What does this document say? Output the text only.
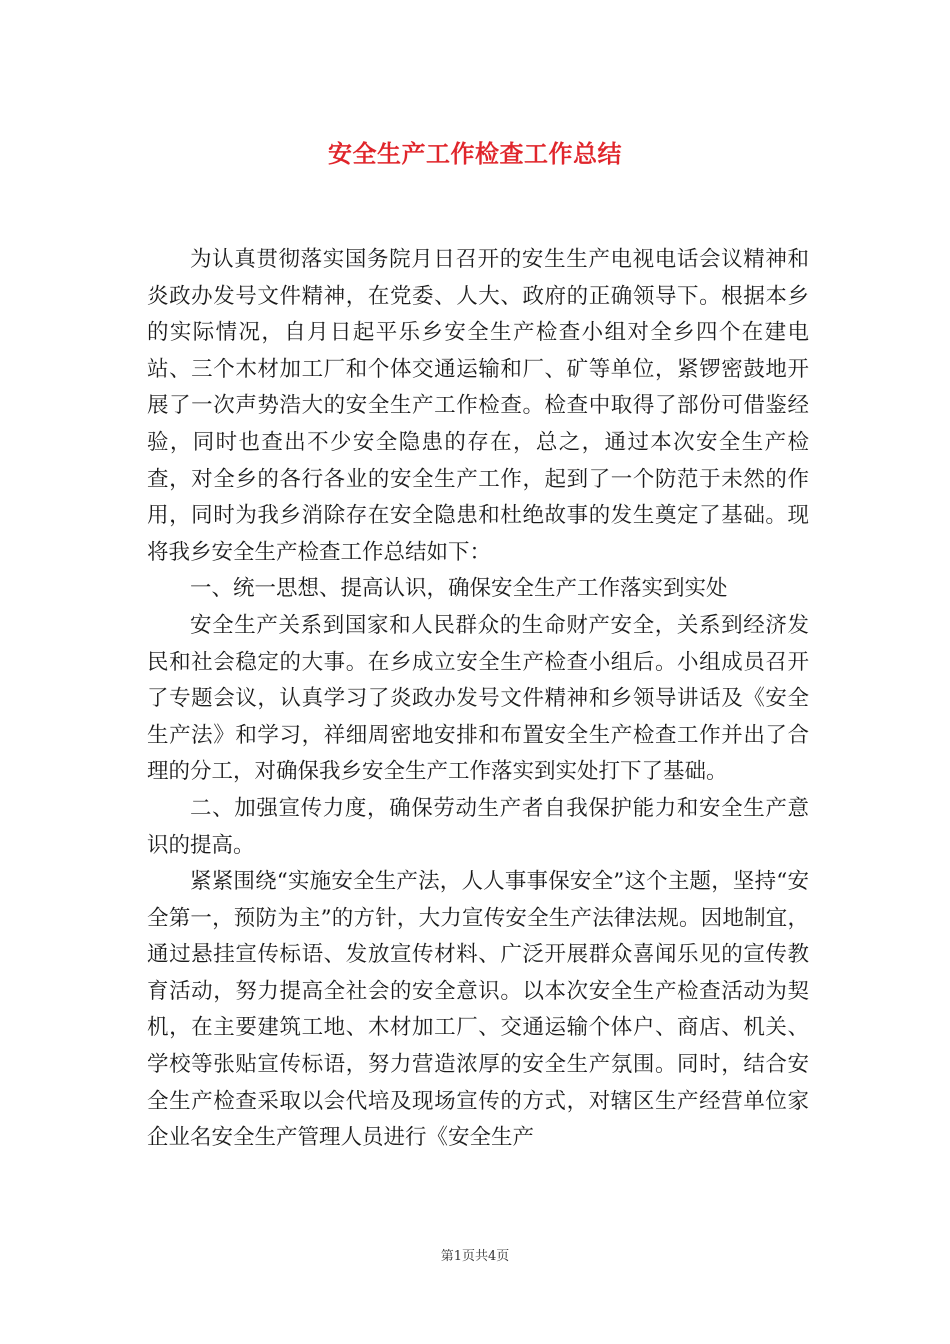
安全生产工作检查工作总结

为认真贯彻落实国务院月日召开的安生生产电视电话会议精神和炎政办发号文件精神，在党委、人大、政府的正确领导下。根据本乡的实际情况，自月日起平乐乡安全生产检查小组对全乡四个在建电站、三个木材加工厂和个体交通运输和厂、矿等单位，紧锣密鼓地开展了一次声势浩大的安全生产工作检查。检查中取得了部份可借鉴经验，同时也查出不少安全隐患的存在，总之，通过本次安全生产检查，对全乡的各行各业的安全生产工作，起到了一个防范于未然的作用，同时为我乡消除存在安全隐患和杜绝故事的发生奠定了基础。现将我乡安全生产检查工作总结如下：

一、统一思想、提高认识，确保安全生产工作落实到实处

安全生产关系到国家和人民群众的生命财产安全，关系到经济发民和社会稳定的大事。在乡成立安全生产检查小组后。小组成员召开了专题会议，认真学习了炎政办发号文件精神和乡领导讲话及《安全生产法》和学习，祥细周密地安排和布置安全生产检查工作并出了合理的分工，对确保我乡安全生产工作落实到实处打下了基础。

二、加强宣传力度，确保劳动生产者自我保护能力和安全生产意识的提高。

紧紧围绕“实施安全生产法，人人事事保安全”这个主题，坚持“安全第一，预防为主”的方针，大力宣传安全生产法律法规。因地制宜，通过悬挂宣传标语、发放宣传材料、广泛开展群众喜闻乐见的宣传教育活动，努力提高全社会的安全意识。以本次安全生产检查活动为契机，在主要建筑工地、木材加工厂、交通运输个体户、商店、机关、学校等张贴宣传标语，努力营造浓厚的安全生产氛围。同时，结合安全生产检查采取以会代培及现场宣传的方式，对辖区生产经营单位家企业名安全生产管理人员进行《安全生产

第1页共4页
